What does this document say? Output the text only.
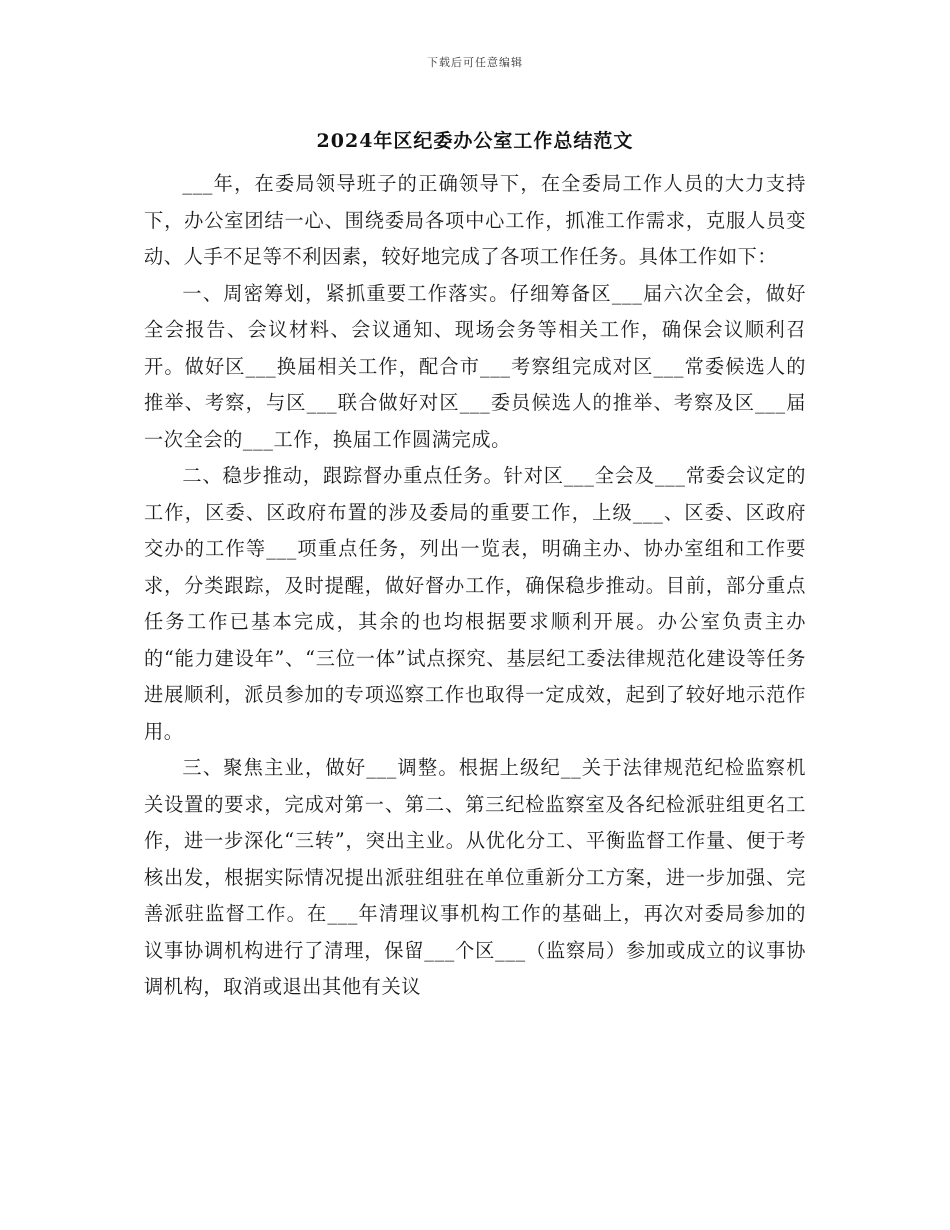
下载后可任意编辑
2024年区纪委办公室工作总结范文

___年，在委局领导班子的正确领导下，在全委局工作人员的大力支持下，办公室团结一心、围绕委局各项中心工作，抓准工作需求，克服人员变动、人手不足等不利因素，较好地完成了各项工作任务。具体工作如下：

一、周密筹划，紧抓重要工作落实。仔细筹备区___届六次全会，做好全会报告、会议材料、会议通知、现场会务等相关工作，确保会议顺利召开。做好区___换届相关工作，配合市___考察组完成对区___常委候选人的推举、考察，与区___联合做好对区___委员候选人的推举、考察及区___届一次全会的___工作，换届工作圆满完成。

二、稳步推动，跟踪督办重点任务。针对区___全会及___常委会议定的工作，区委、区政府布置的涉及委局的重要工作，上级___、区委、区政府交办的工作等___项重点任务，列出一览表，明确主办、协办室组和工作要求，分类跟踪，及时提醒，做好督办工作，确保稳步推动。目前，部分重点任务工作已基本完成，其余的也均根据要求顺利开展。办公室负责主办的“能力建设年”、“三位一体”试点探究、基层纪工委法律规范化建设等任务进展顺利，派员参加的专项巡察工作也取得一定成效，起到了较好地示范作用。

三、聚焦主业，做好___调整。根据上级纪__关于法律规范纪检监察机关设置的要求，完成对第一、第二、第三纪检监察室及各纪检派驻组更名工作，进一步深化“三转”，突出主业。从优化分工、平衡监督工作量、便于考核出发，根据实际情况提出派驻组驻在单位重新分工方案，进一步加强、完善派驻监督工作。在___年清理议事机构工作的基础上，再次对委局参加的议事协调机构进行了清理，保留___个区___（监察局）参加或成立的议事协调机构，取消或退出其他有关议
